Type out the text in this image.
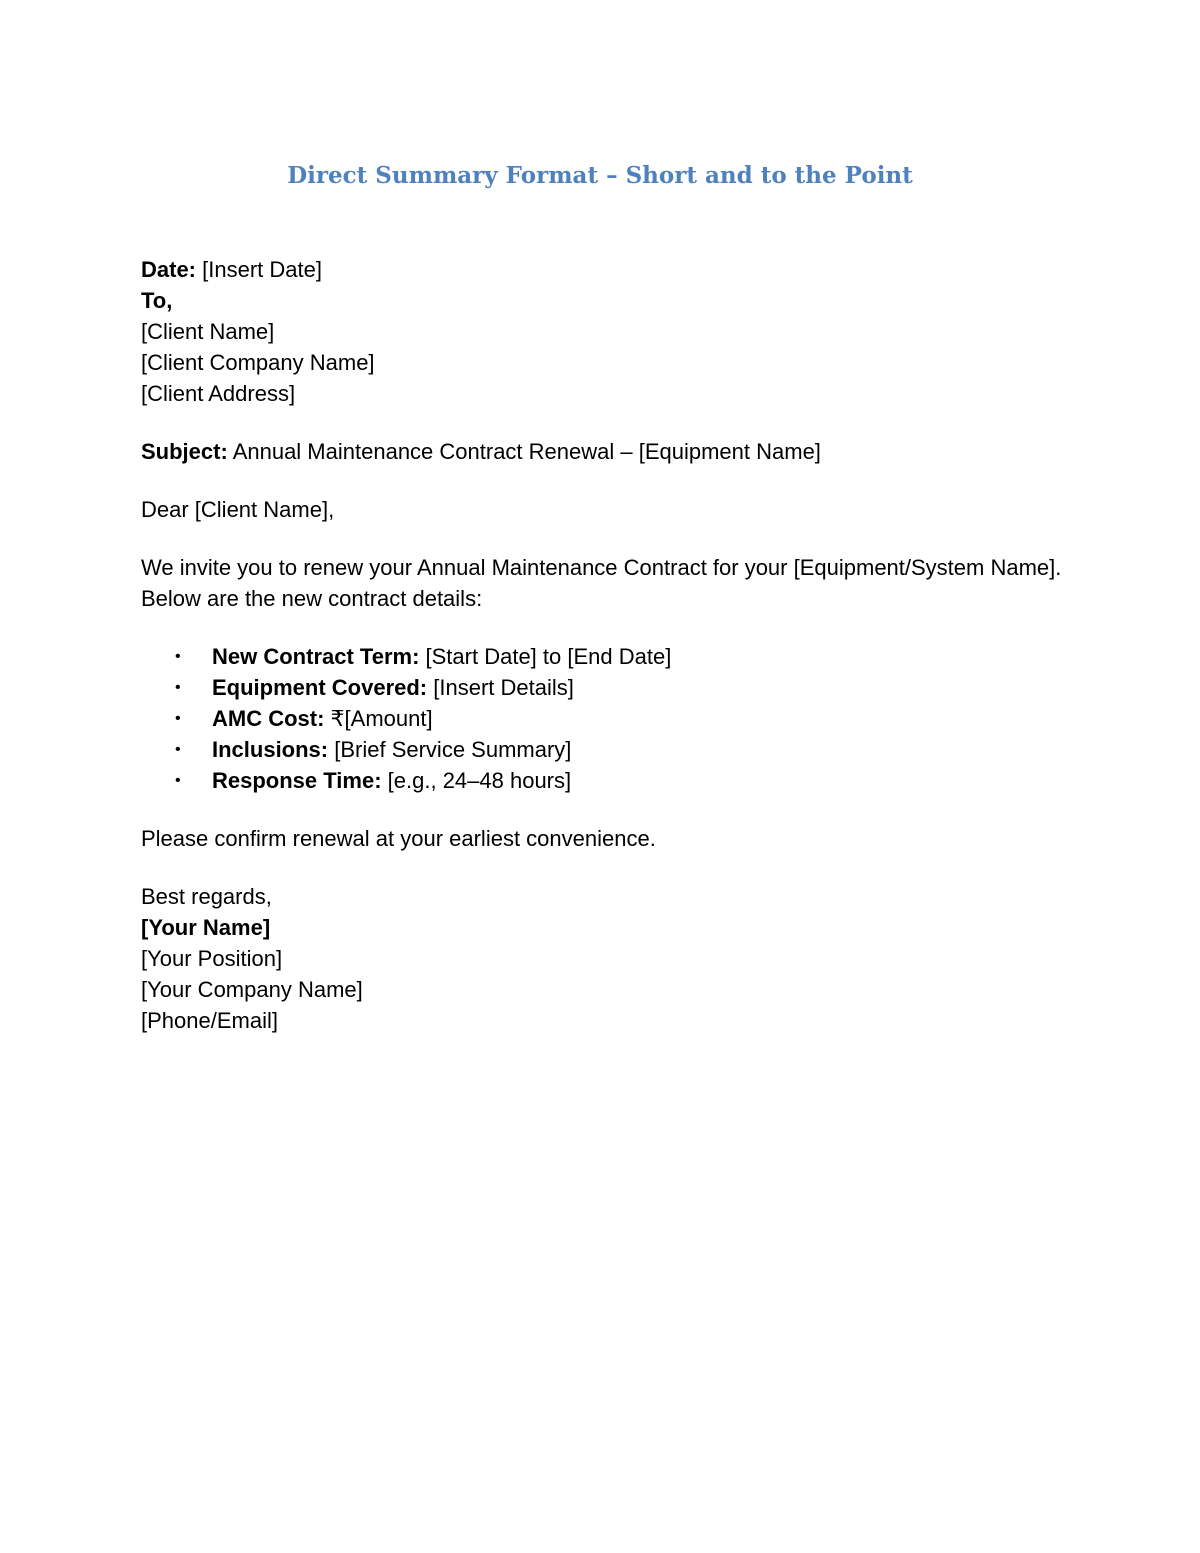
Direct Summary Format – Short and to the Point
Date: [Insert Date]
To,
[Client Name]
[Client Company Name]
[Client Address]
Subject: Annual Maintenance Contract Renewal – [Equipment Name]
Dear [Client Name],
We invite you to renew your Annual Maintenance Contract for your [Equipment/System Name]. Below are the new contract details:
• New Contract Term: [Start Date] to [End Date]
• Equipment Covered: [Insert Details]
• AMC Cost: ₹[Amount]
• Inclusions: [Brief Service Summary]
• Response Time: [e.g., 24–48 hours]
Please confirm renewal at your earliest convenience.
Best regards,
[Your Name]
[Your Position]
[Your Company Name]
[Phone/Email]
